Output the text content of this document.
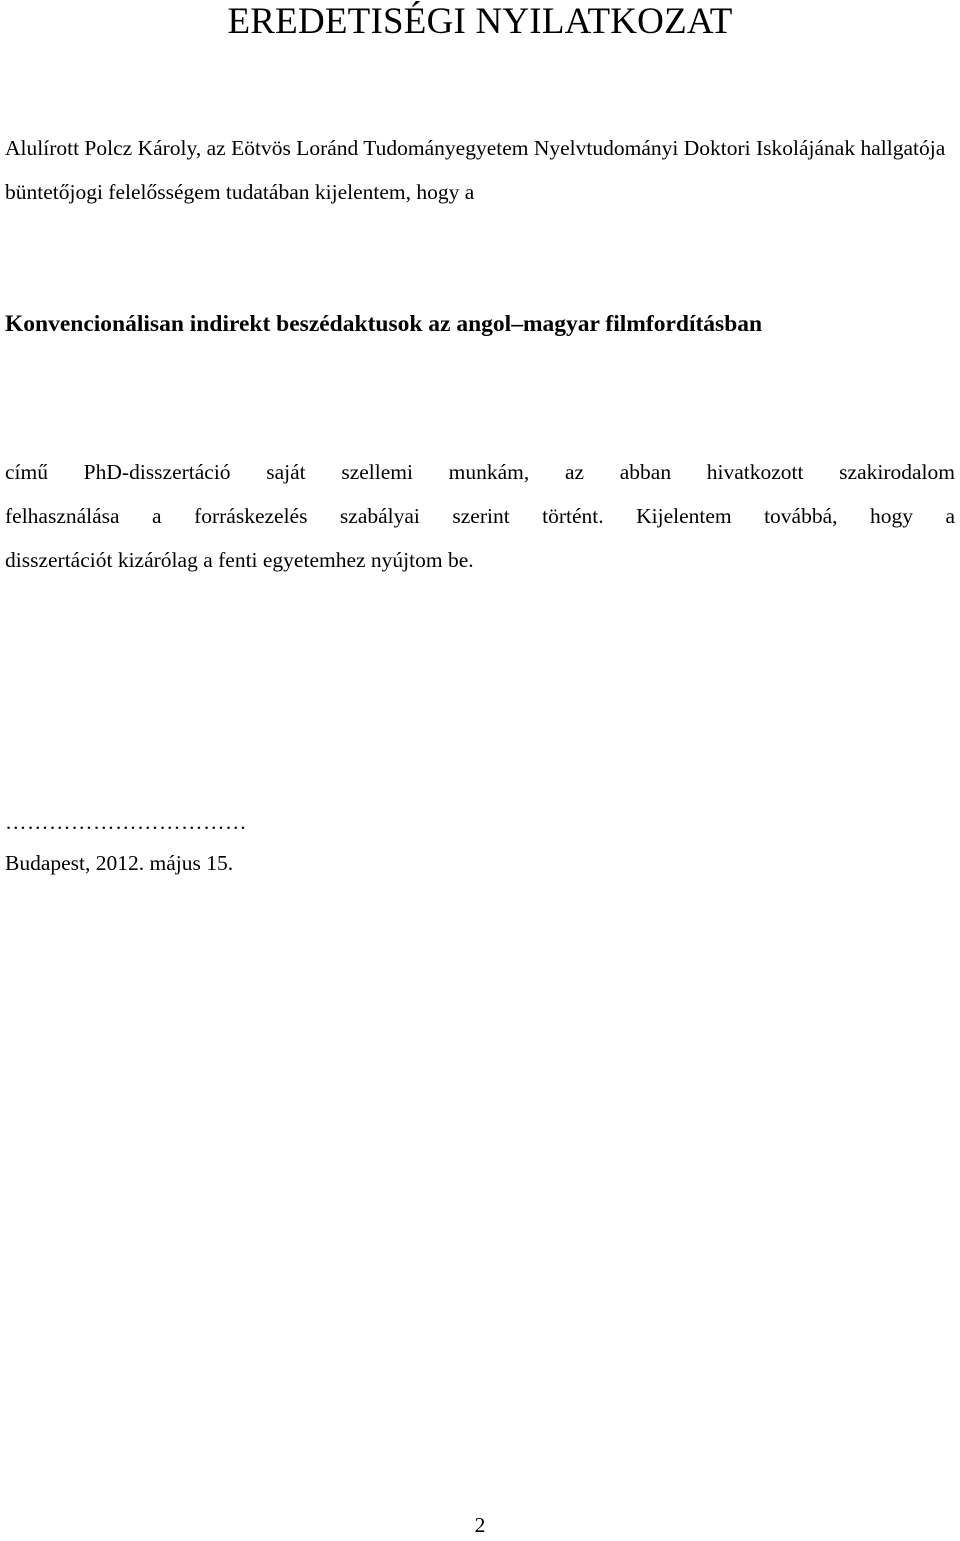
EREDETISÉGI NYILATKOZAT

Alulírott Polcz Károly, az Eötvös Loránd Tudományegyetem Nyelvtudományi Doktori Iskolájának hallgatója büntetőjogi felelősségem tudatában kijelentem, hogy a

Konvencionálisan indirekt beszédaktusok az angol–magyar filmfordításban

című PhD-disszertáció saját szellemi munkám, az abban hivatkozott szakirodalom
felhasználása a forráskezelés szabályai szerint történt. Kijelentem továbbá, hogy a
disszertációt kizárólag a fenti egyetemhez nyújtom be.

……………………………

Budapest, 2012. május 15.

2
